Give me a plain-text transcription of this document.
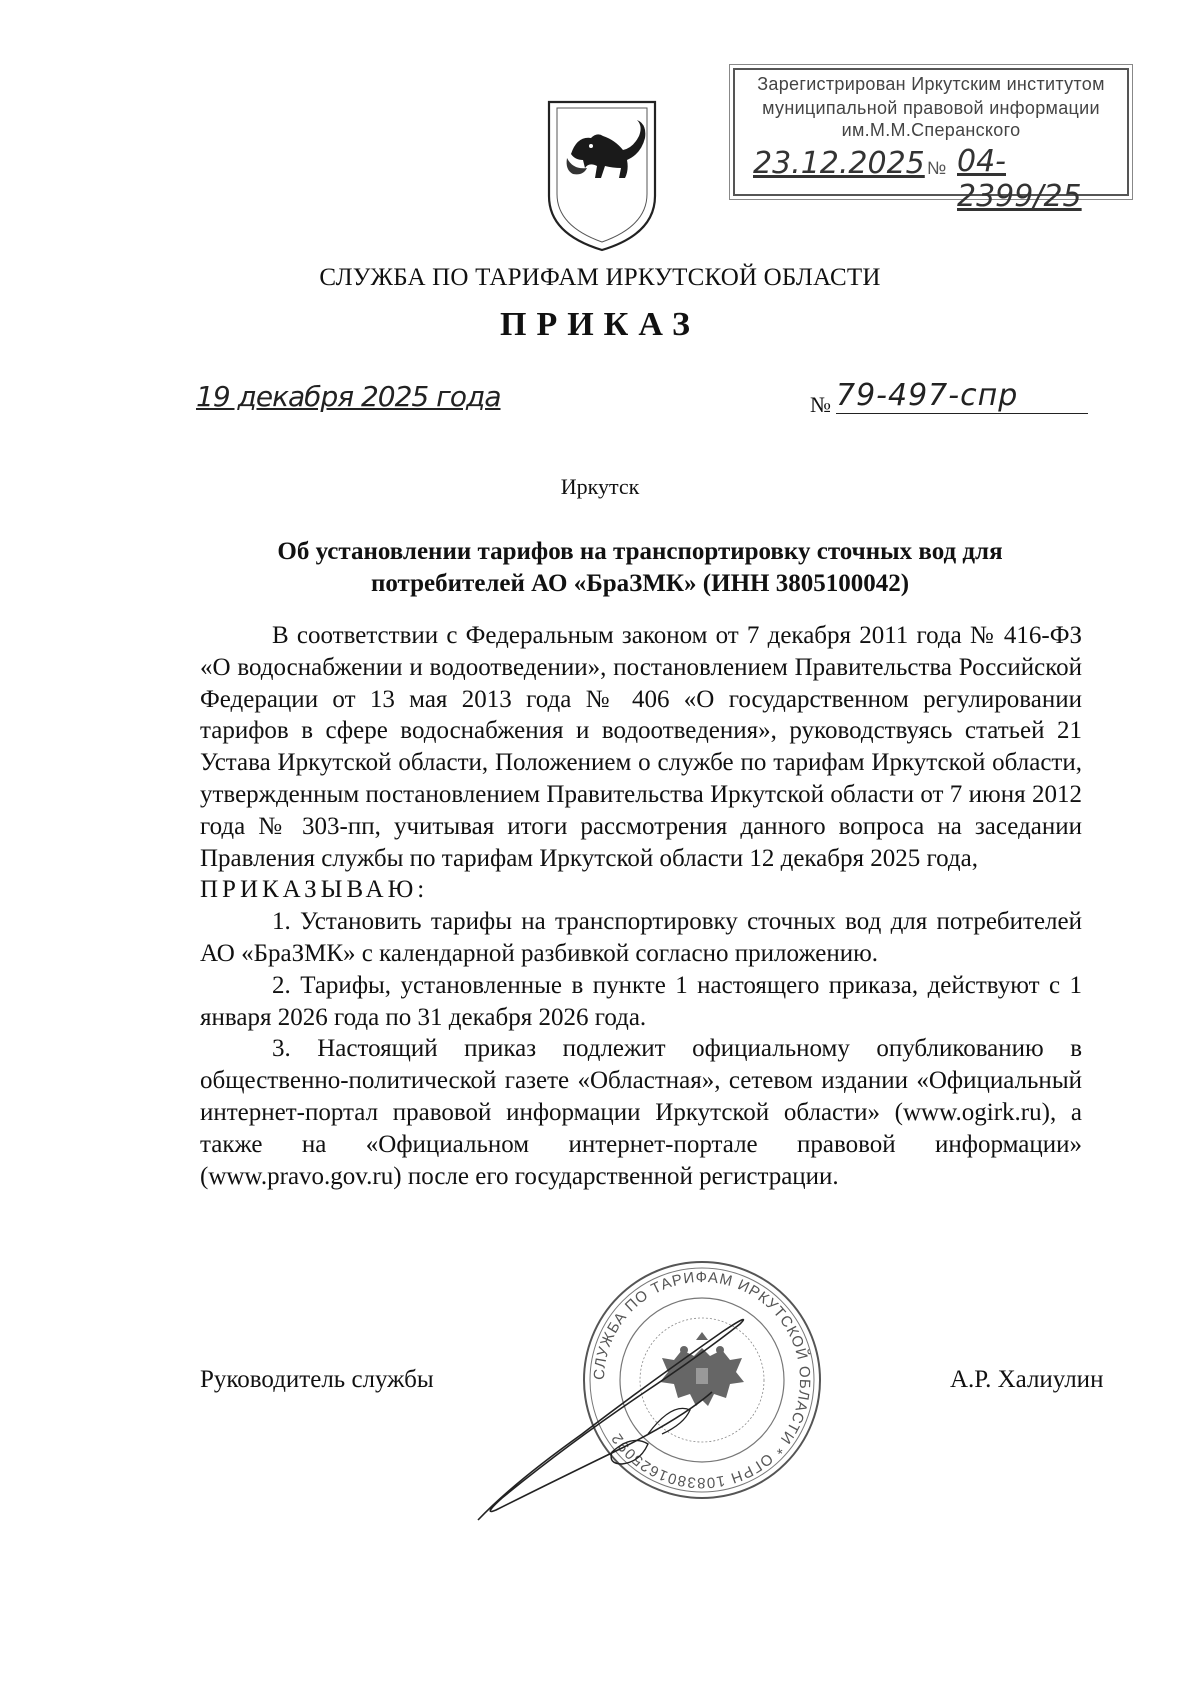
Зарегистрирован Иркутским институтом
муниципальной правовой информации
им.М.М.Сперанского
23.12.2025 № 04-2399/25
СЛУЖБА ПО ТАРИФАМ ИРКУТСКОЙ ОБЛАСТИ
ПРИКАЗ
19 декабря 2025 года	№ 79-497-спр
Иркутск
Об установлении тарифов на транспортировку сточных вод для
потребителей АО «БраЗМК» (ИНН 3805100042)

В соответствии с Федеральным законом от 7 декабря 2011 года № 416-ФЗ «О водоснабжении и водоотведении», постановлением Правительства Российской Федерации от 13 мая 2013 года № 406 «О государственном регулировании тарифов в сфере водоснабжения и водоотведения», руководствуясь статьей 21 Устава Иркутской области, Положением о службе по тарифам Иркутской области, утвержденным постановлением Правительства Иркутской области от 7 июня 2012 года № 303-пп, учитывая итоги рассмотрения данного вопроса на заседании Правления службы по тарифам Иркутской области 12 декабря 2025 года,

ПРИКАЗЫВАЮ:

1. Установить тарифы на транспортировку сточных вод для потребителей АО «БраЗМК» с календарной разбивкой согласно приложению.

2. Тарифы, установленные в пункте 1 настоящего приказа, действуют с 1 января 2026 года по 31 декабря 2026 года.

3. Настоящий приказ подлежит официальному опубликованию в общественно-политической газете «Областная», сетевом издании «Официальный интернет-портал правовой информации Иркутской области» (www.ogirk.ru), а также на «Официальном интернет-портале правовой информации» (www.pravo.gov.ru) после его государственной регистрации.

СЛУЖБА ПО ТАРИФАМ ИРКУТСКОЙ ОБЛАСТИ * ОГРН 1083801625092
Руководитель службы	А.Р. Халиулин
